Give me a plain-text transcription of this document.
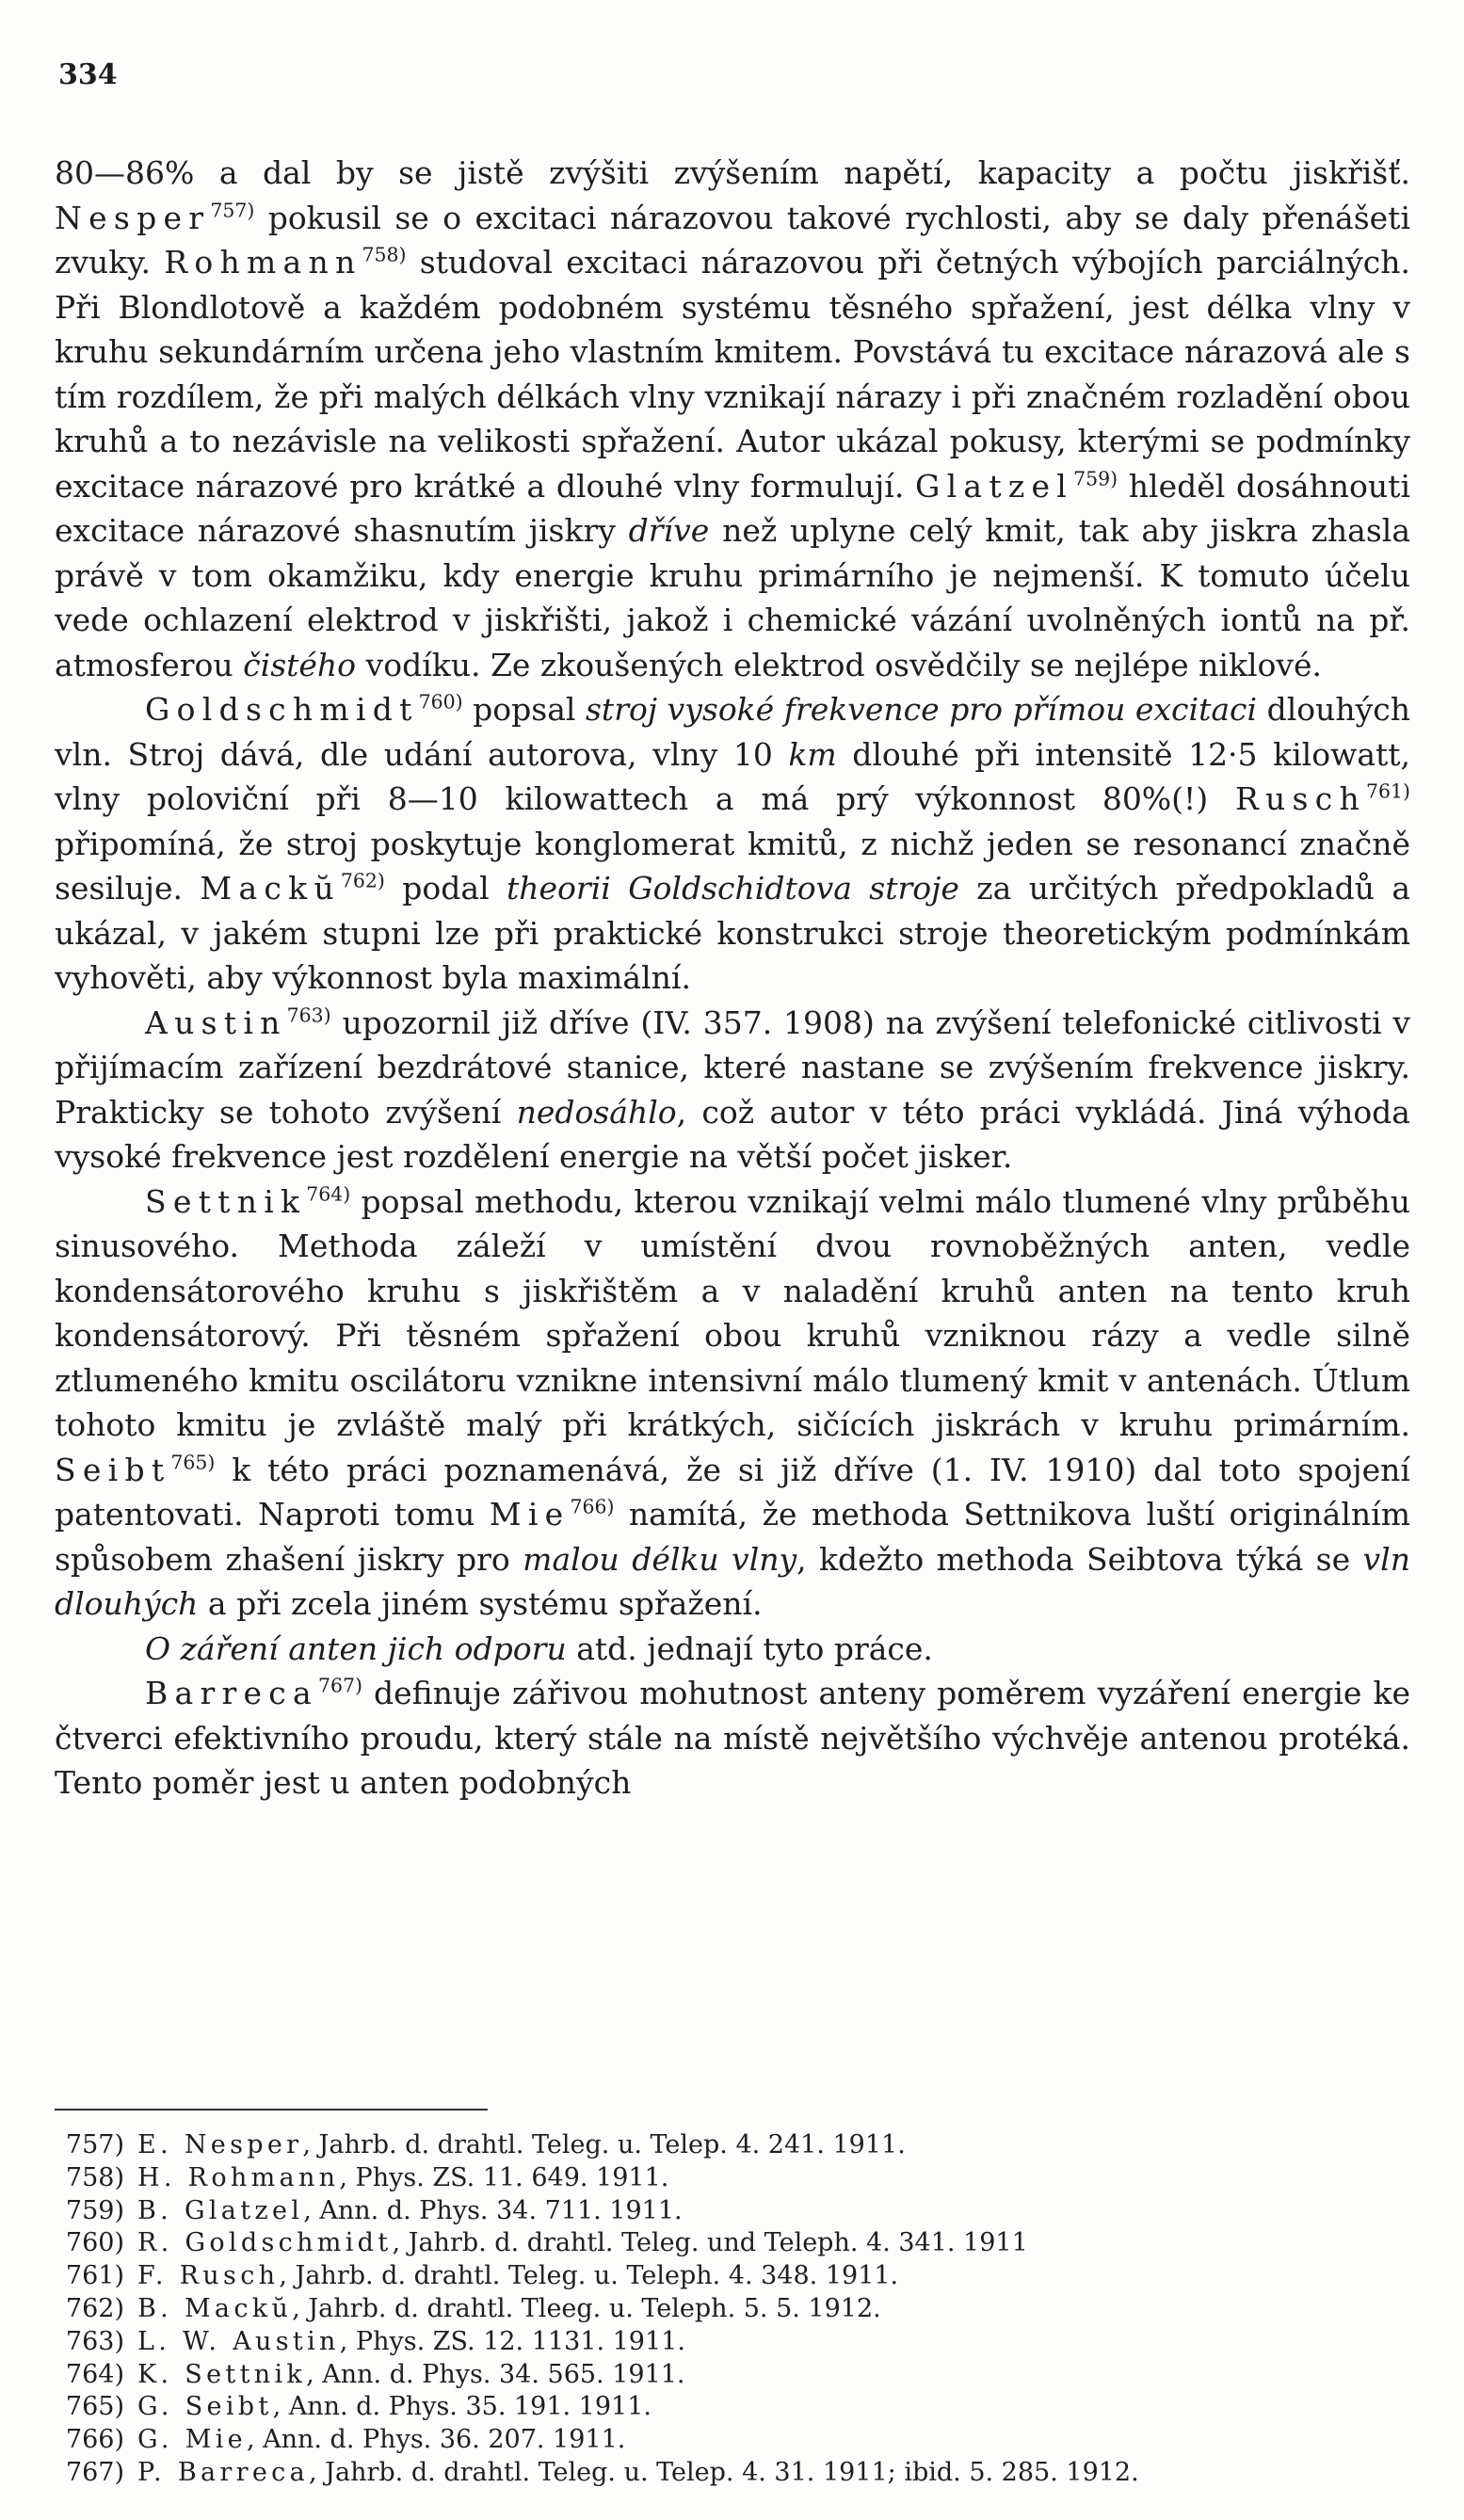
334

80—86% a dal by se jistě zvýšiti zvýšením napětí, kapacity a počtu jiskřišť. Nesper$^{757)}$ pokusil se o excitaci nárazovou takové rychlosti, aby se daly přenášeti zvuky. Rohmann$^{758)}$ studoval excitaci nárazovou při četných výbojích parciálných. Při Blondlotově a každém podobném systému těsného spřažení, jest délka vlny v kruhu sekundárním určena jeho vlastním kmitem. Povstává tu excitace nárazová ale s tím rozdílem, že při malých délkách vlny vznikají nárazy i při značném rozladění obou kruhů a to nezávisle na velikosti spřažení. Autor ukázal pokusy, kterými se podmínky excitace nárazové pro krátké a dlouhé vlny formulují. Glatzel$^{759)}$ hleděl dosáhnouti excitace nárazové shasnutím jiskry dříve než uplyne celý kmit, tak aby jiskra zhasla právě v tom okamžiku, kdy energie kruhu primárního je nejmenší. K tomuto účelu vede ochlazení elektrod v jiskřišti, jakož i chemické vázání uvolněných iontů na př. atmosferou čistého vodíku. Ze zkoušených elektrod osvědčily se nejlépe niklové.

Goldschmidt$^{760)}$ popsal stroj vysoké frekvence pro přímou excitaci dlouhých vln. Stroj dává, dle udání autorova, vlny 10 km dlouhé při intensitě 12·5 kilowatt, vlny poloviční při 8—10 kilowattech a má prý výkonnost 80%(!) Rusch$^{761)}$ připomíná, že stroj poskytuje konglomerat kmitů, z nichž jeden se resonancí značně sesiluje. Mackŭ$^{762)}$ podal theorii Goldschidtova stroje za určitých předpokladů a ukázal, v jakém stupni lze při praktické konstrukci stroje theoretickým podmínkám vyhověti, aby výkonnost byla maximální.

Austin$^{763)}$ upozornil již dříve (IV. 357. 1908) na zvýšení telefonické citlivosti v přijímacím zařízení bezdrátové stanice, které nastane se zvýšením frekvence jiskry. Prakticky se tohoto zvýšení nedosáhlo, což autor v této práci vykládá. Jiná výhoda vysoké frekvence jest rozdělení energie na větší počet jisker.

Settnik$^{764)}$ popsal methodu, kterou vznikají velmi málo tlumené vlny průběhu sinusového. Methoda záleží v umístění dvou rovnoběžných anten, vedle kondensátorového kruhu s jiskřištěm a v naladění kruhů anten na tento kruh kondensátorový. Při těsném spřažení obou kruhů vzniknou rázy a vedle silně ztlumeného kmitu oscilátoru vznikne intensivní málo tlumený kmit v antenách. Útlum tohoto kmitu je zvláště malý při krátkých, sičících jiskrách v kruhu primárním. Seibt$^{765)}$ k této práci poznamenává, že si již dříve (1. IV. 1910) dal toto spojení patentovati. Naproti tomu Mie$^{766)}$ namítá, že methoda Settnikova luští originálním spůsobem zhašení jiskry pro malou délku vlny, kdežto methoda Seibtova týká se vln dlouhých a při zcela jiném systému spřažení.

O záření anten jich odporu atd. jednají tyto práce.

Barreca$^{767)}$ definuje zářivou mohutnost anteny poměrem vyzáření energie ke čtverci efektivního proudu, který stále na místě největšího výchvěje antenou protéká. Tento poměr jest u anten podobných

757) E. Nesper, Jahrb. d. drahtl. Teleg. u. Telep. 4. 241. 1911.
758) H. Rohmann, Phys. ZS. 11. 649. 1911.
759) B. Glatzel, Ann. d. Phys. 34. 711. 1911.
760) R. Goldschmidt, Jahrb. d. drahtl. Teleg. und Teleph. 4. 341. 1911
761) F. Rusch, Jahrb. d. drahtl. Teleg. u. Teleph. 4. 348. 1911.
762) B. Mackŭ, Jahrb. d. drahtl. Tleeg. u. Teleph. 5. 5. 1912.
763) L. W. Austin, Phys. ZS. 12. 1131. 1911.
764) K. Settnik, Ann. d. Phys. 34. 565. 1911.
765) G. Seibt, Ann. d. Phys. 35. 191. 1911.
766) G. Mie, Ann. d. Phys. 36. 207. 1911.
767) P. Barreca, Jahrb. d. drahtl. Teleg. u. Telep. 4. 31. 1911; ibid. 5. 285. 1912.
